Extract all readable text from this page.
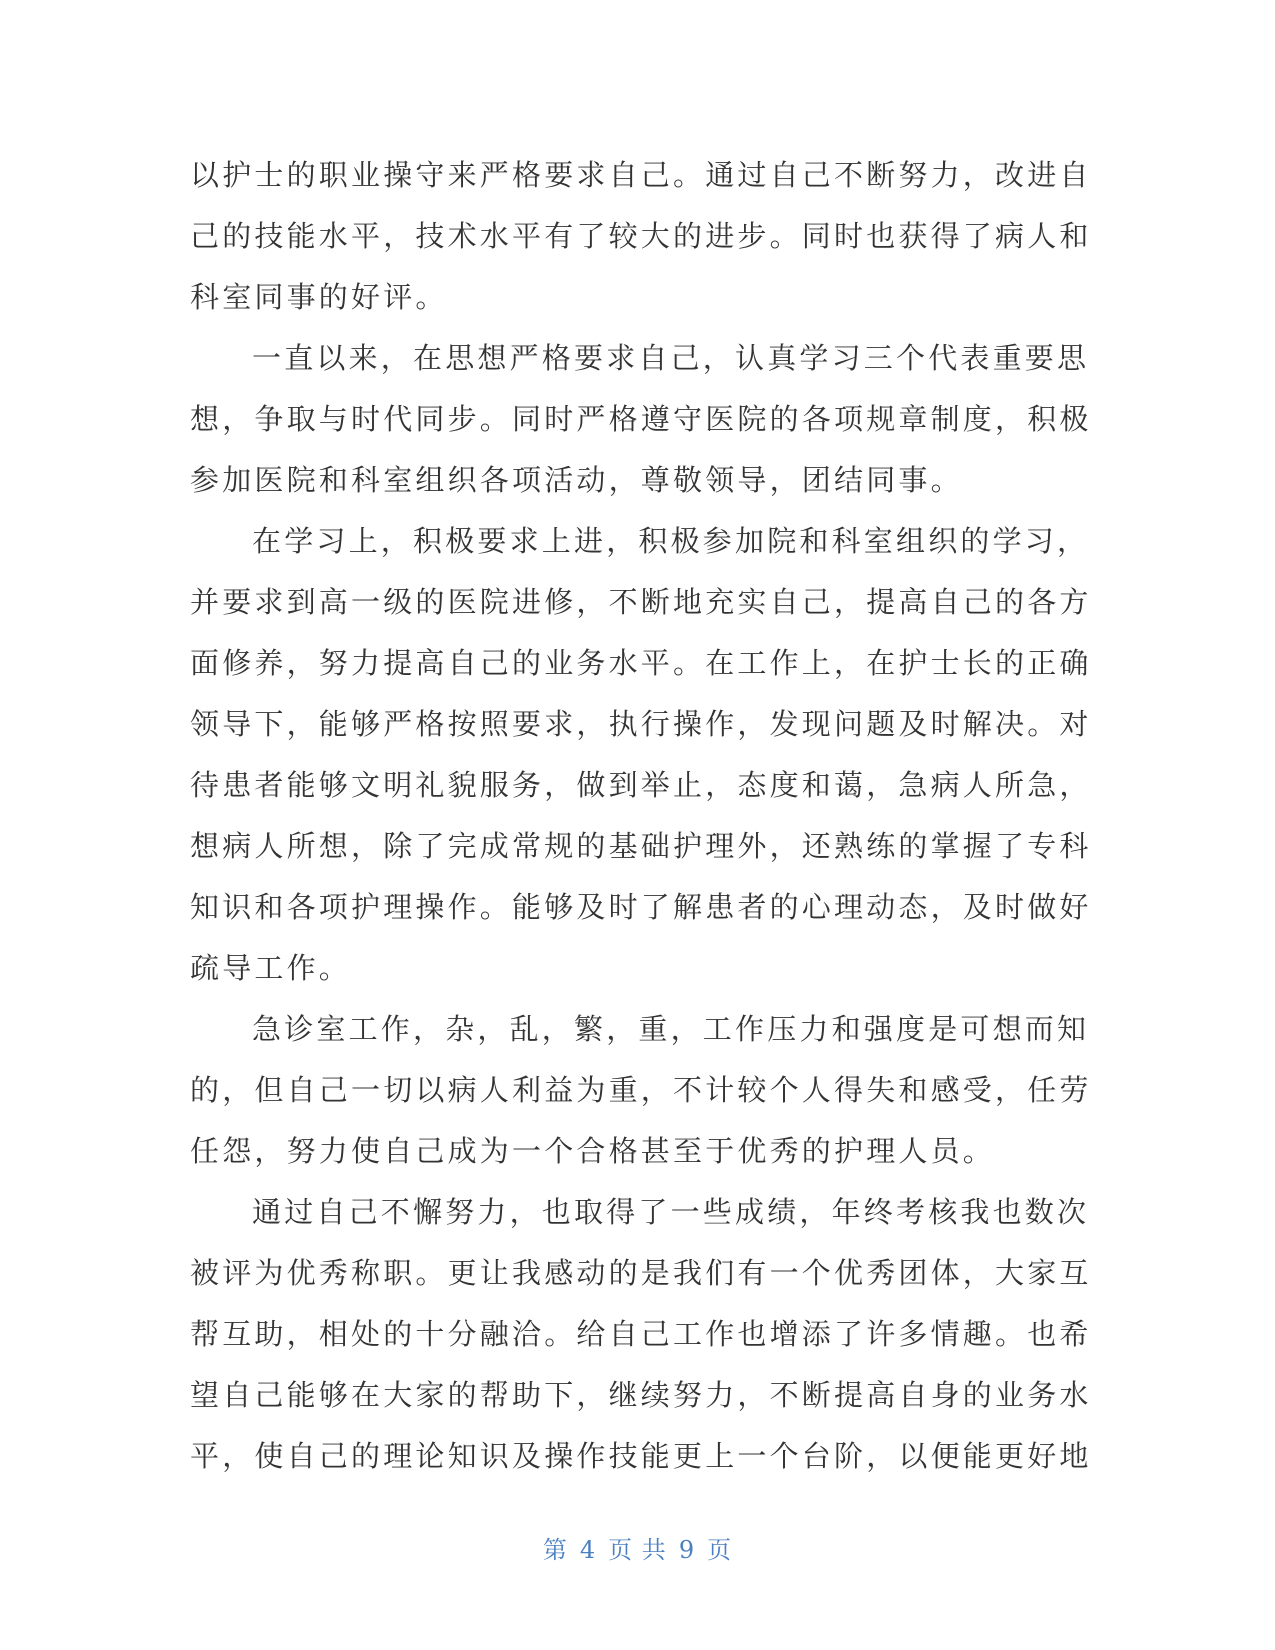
以护士的职业操守来严格要求自己。通过自己不断努力，改进自
己的技能水平，技术水平有了较大的进步。同时也获得了病人和
科室同事的好评。
一直以来，在思想严格要求自己，认真学习三个代表重要思
想，争取与时代同步。同时严格遵守医院的各项规章制度，积极
参加医院和科室组织各项活动，尊敬领导，团结同事。
在学习上，积极要求上进，积极参加院和科室组织的学习，
并要求到高一级的医院进修，不断地充实自己，提高自己的各方
面修养，努力提高自己的业务水平。在工作上，在护士长的正确
领导下，能够严格按照要求，执行操作，发现问题及时解决。对
待患者能够文明礼貌服务，做到举止，态度和蔼，急病人所急，
想病人所想，除了完成常规的基础护理外，还熟练的掌握了专科
知识和各项护理操作。能够及时了解患者的心理动态，及时做好
疏导工作。
急诊室工作，杂，乱，繁，重，工作压力和强度是可想而知
的，但自己一切以病人利益为重，不计较个人得失和感受，任劳
任怨，努力使自己成为一个合格甚至于优秀的护理人员。
通过自己不懈努力，也取得了一些成绩，年终考核我也数次
被评为优秀称职。更让我感动的是我们有一个优秀团体，大家互
帮互助，相处的十分融洽。给自己工作也增添了许多情趣。也希
望自己能够在大家的帮助下，继续努力，不断提高自身的业务水
平，使自己的理论知识及操作技能更上一个台阶，以便能更好地
第 4 页 共 9 页
